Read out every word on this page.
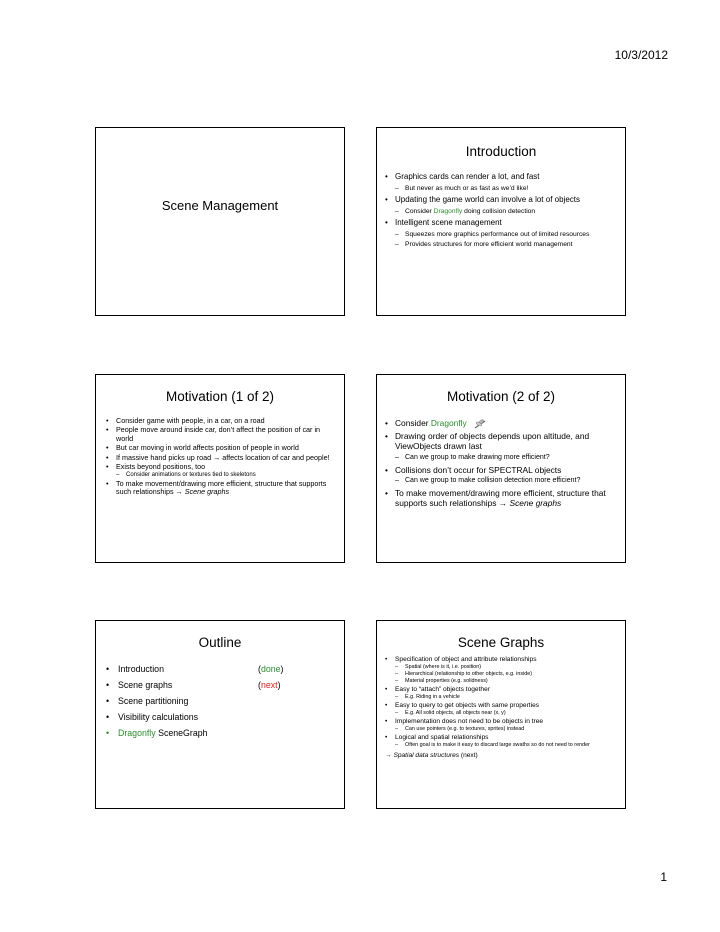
10/3/2012
Scene Management
Introduction
• Graphics cards can render a lot, and fast
– But never as much or as fast as we’d like!
• Updating the game world can involve a lot of objects
– Consider Dragonfly doing collision detection
• Intelligent scene management
– Squeezes more graphics performance out of limited resources
– Provides structures for more efficient world management
Motivation (1 of 2)
• Consider game with people, in a car, on a road
• People move around inside car, don’t affect the position of car in world
• But car moving in world affects position of people in world
• If massive hand picks up road → affects location of car and people!
• Exists beyond positions, too
– Consider animations or textures tied to skeletons
• To make movement/drawing more efficient, structure that supports such relationships → Scene graphs
Motivation (2 of 2)
• Consider Dragonfly
• Drawing order of objects depends upon altitude, and ViewObjects drawn last
– Can we group to make drawing more efficient?
• Collisions don’t occur for SPECTRAL objects
– Can we group to make collision detection more efficient?
• To make movement/drawing more efficient, structure that supports such relationships → Scene graphs
Outline
• Introduction	(done)
• Scene graphs	(next)
• Scene partitioning
• Visibility calculations
• Dragonfly SceneGraph
Scene Graphs
• Specification of object and attribute relationships
– Spatial (where is it, i.e. position)
– Hierarchical (relationship to other objects, e.g. inside)
– Material properties (e.g. solidness)
• Easy to “attach” objects together
– E.g. Riding in a vehicle
• Easy to query to get objects with same properties
– E.g. All solid objects, all objects near (x, y)
• Implementation does not need to be objects in tree
– Can use pointers (e.g. to textures, sprites) instead
• Logical and spatial relationships
– Often goal is to make it easy to discard large swaths so do not need to render
→ Spatial data structures (next)
1
